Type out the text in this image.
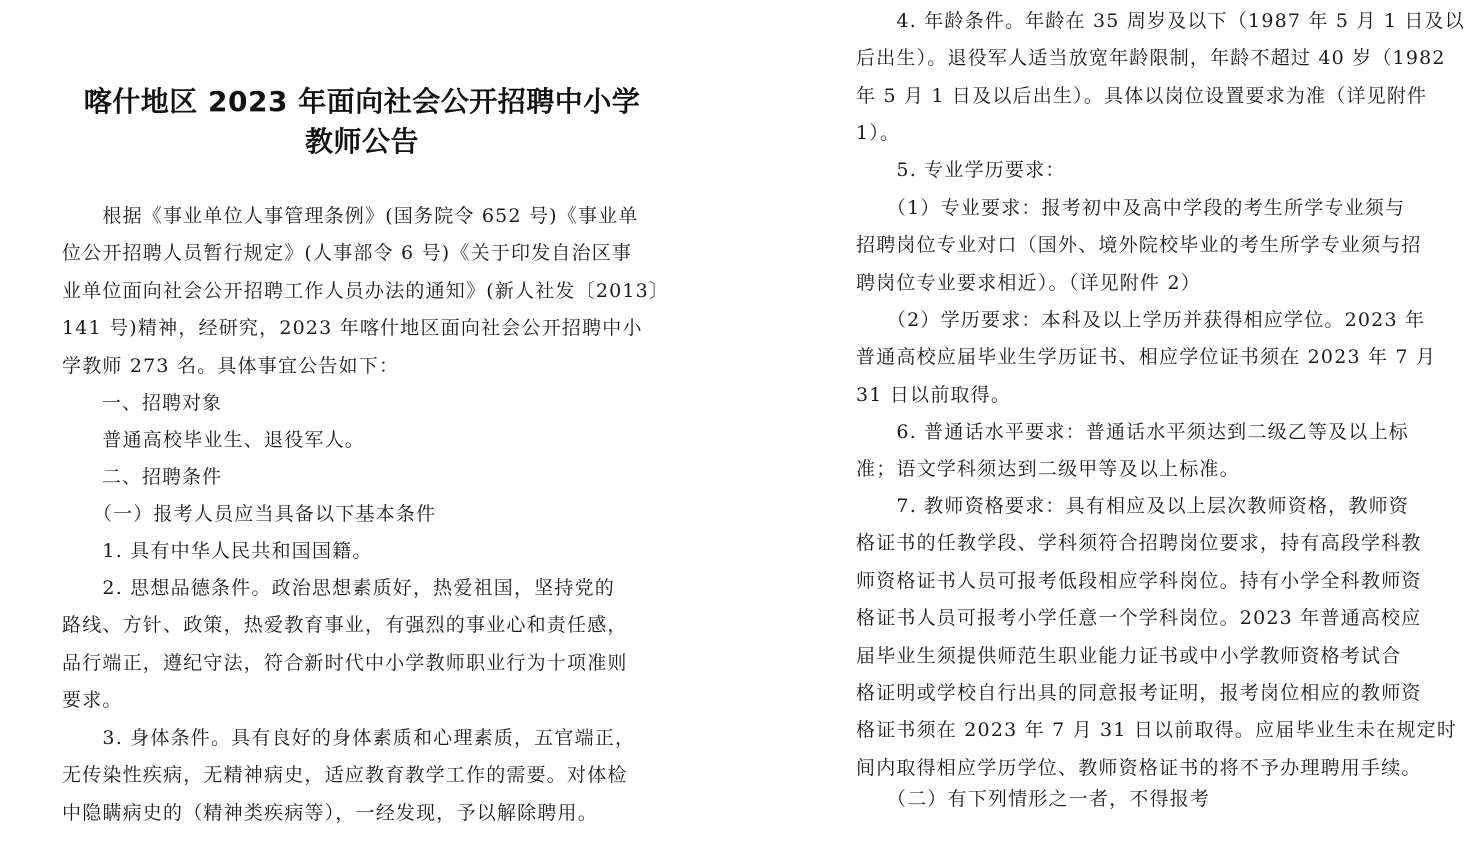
喀什地区 2023 年面向社会公开招聘中小学
教师公告
　　根据《事业单位人事管理条例》(国务院令 652 号)《事业单
位公开招聘人员暂行规定》(人事部令 6 号)《关于印发自治区事
业单位面向社会公开招聘工作人员办法的通知》(新人社发〔2013〕
141 号)精神，经研究，2023 年喀什地区面向社会公开招聘中小
学教师 273 名。具体事宜公告如下：
　　一、招聘对象
　　普通高校毕业生、退役军人。
　　二、招聘条件
　　（一）报考人员应当具备以下基本条件
　　1. 具有中华人民共和国国籍。
　　2. 思想品德条件。政治思想素质好，热爱祖国，坚持党的
路线、方针、政策，热爱教育事业，有强烈的事业心和责任感，
品行端正，遵纪守法，符合新时代中小学教师职业行为十项准则
要求。
　　3. 身体条件。具有良好的身体素质和心理素质，五官端正，
无传染性疾病，无精神病史，适应教育教学工作的需要。对体检
中隐瞒病史的（精神类疾病等），一经发现，予以解除聘用。
　　4. 年龄条件。年龄在 35 周岁及以下（1987 年 5 月 1 日及以
后出生）。退役军人适当放宽年龄限制，年龄不超过 40 岁（1982
年 5 月 1 日及以后出生）。具体以岗位设置要求为准（详见附件
1）。
　　5. 专业学历要求：
　　（1）专业要求：报考初中及高中学段的考生所学专业须与
招聘岗位专业对口（国外、境外院校毕业的考生所学专业须与招
聘岗位专业要求相近）。（详见附件 2）
　　（2）学历要求：本科及以上学历并获得相应学位。2023 年
普通高校应届毕业生学历证书、相应学位证书须在 2023 年 7 月
31 日以前取得。
　　6. 普通话水平要求：普通话水平须达到二级乙等及以上标
准；语文学科须达到二级甲等及以上标准。
　　7. 教师资格要求：具有相应及以上层次教师资格，教师资
格证书的任教学段、学科须符合招聘岗位要求，持有高段学科教
师资格证书人员可报考低段相应学科岗位。持有小学全科教师资
格证书人员可报考小学任意一个学科岗位。2023 年普通高校应
届毕业生须提供师范生职业能力证书或中小学教师资格考试合
格证明或学校自行出具的同意报考证明，报考岗位相应的教师资
格证书须在 2023 年 7 月 31 日以前取得。应届毕业生未在规定时
间内取得相应学历学位、教师资格证书的将不予办理聘用手续。
　　（二）有下列情形之一者，不得报考
